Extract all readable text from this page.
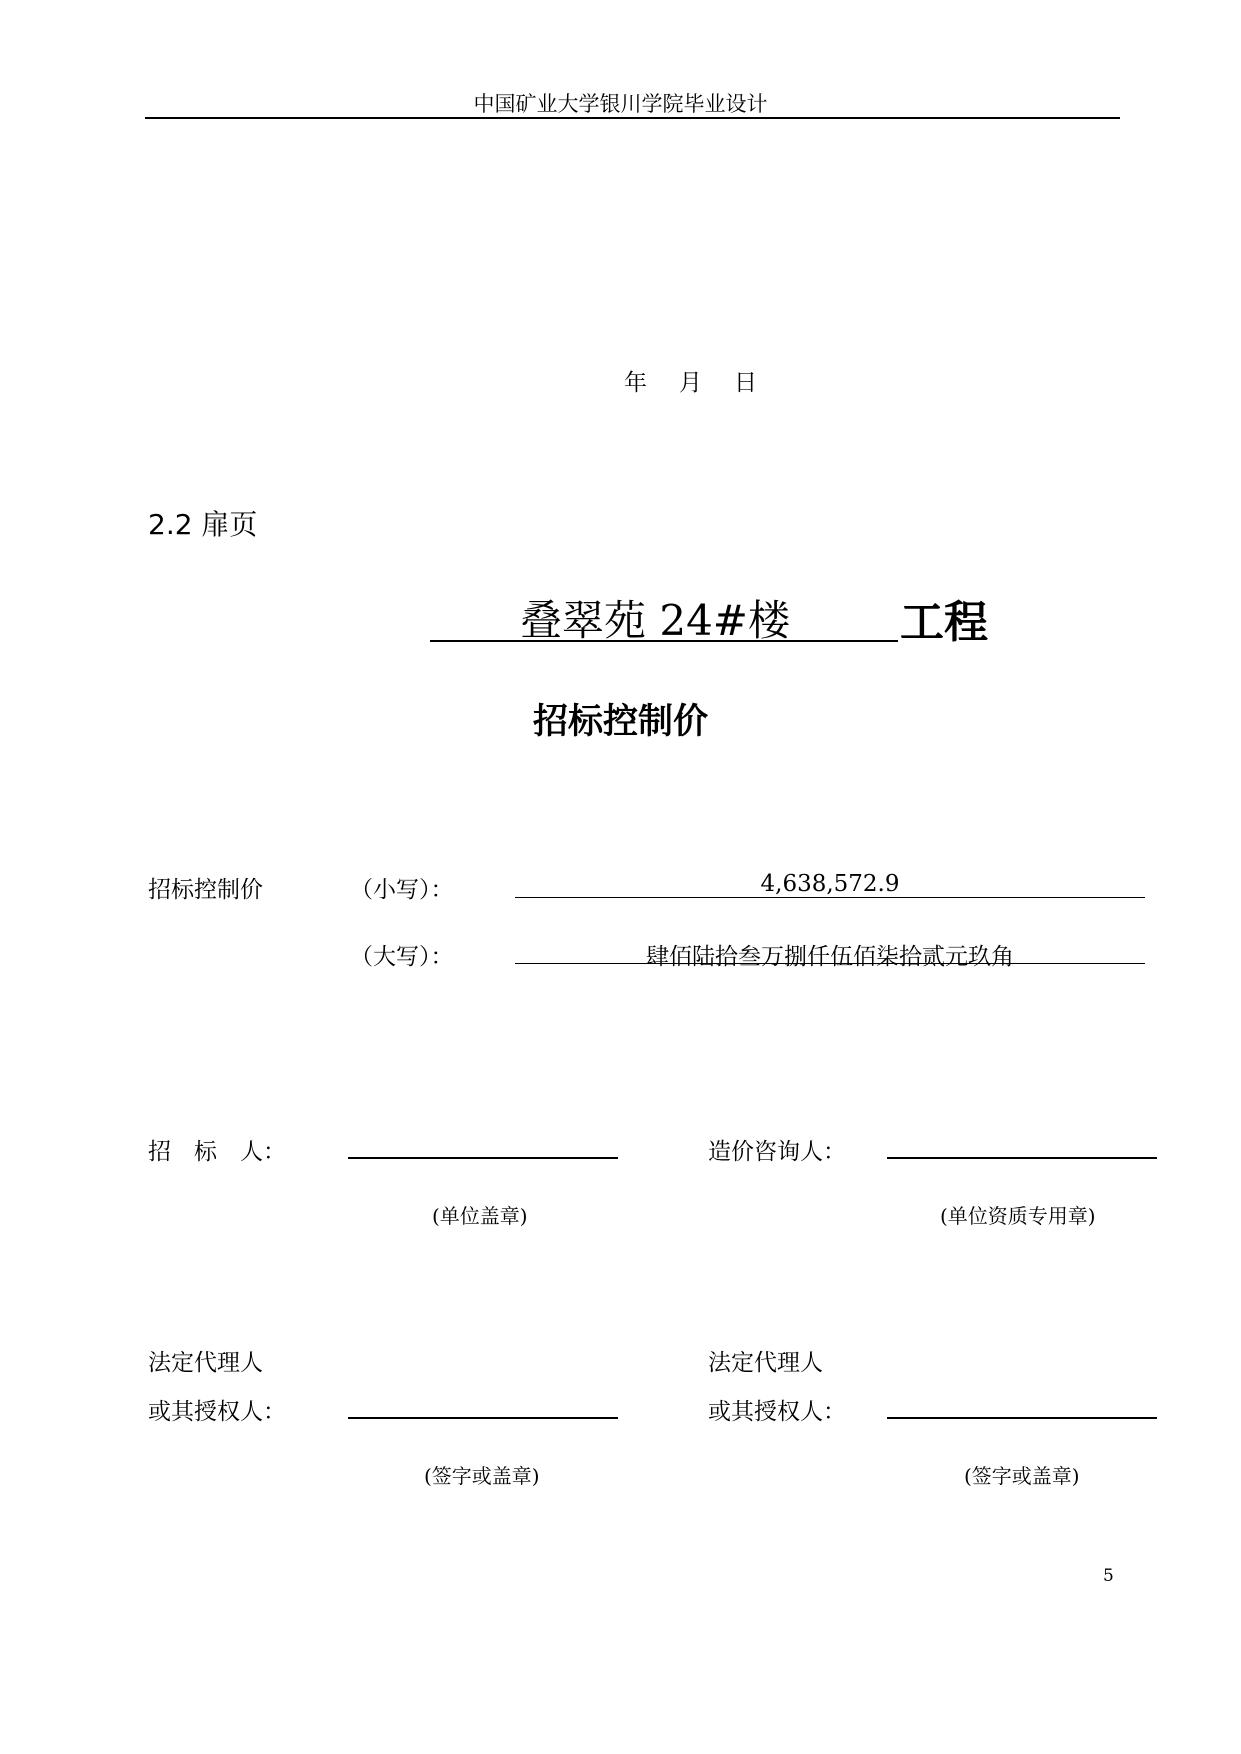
中国矿业大学银川学院毕业设计
年 月 日
2.2 扉页
叠翠苑 24#楼	工程
招标控制价
招标控制价	（小写）：	4,638,572.9
（大写）：	肆佰陆拾叁万捌仟伍佰柒拾贰元玖角
招　标　人：
(单位盖章)
造价咨询人：
(单位资质专用章)
法定代理人
或其授权人：
(签字或盖章)
法定代理人
或其授权人：
(签字或盖章)
5
